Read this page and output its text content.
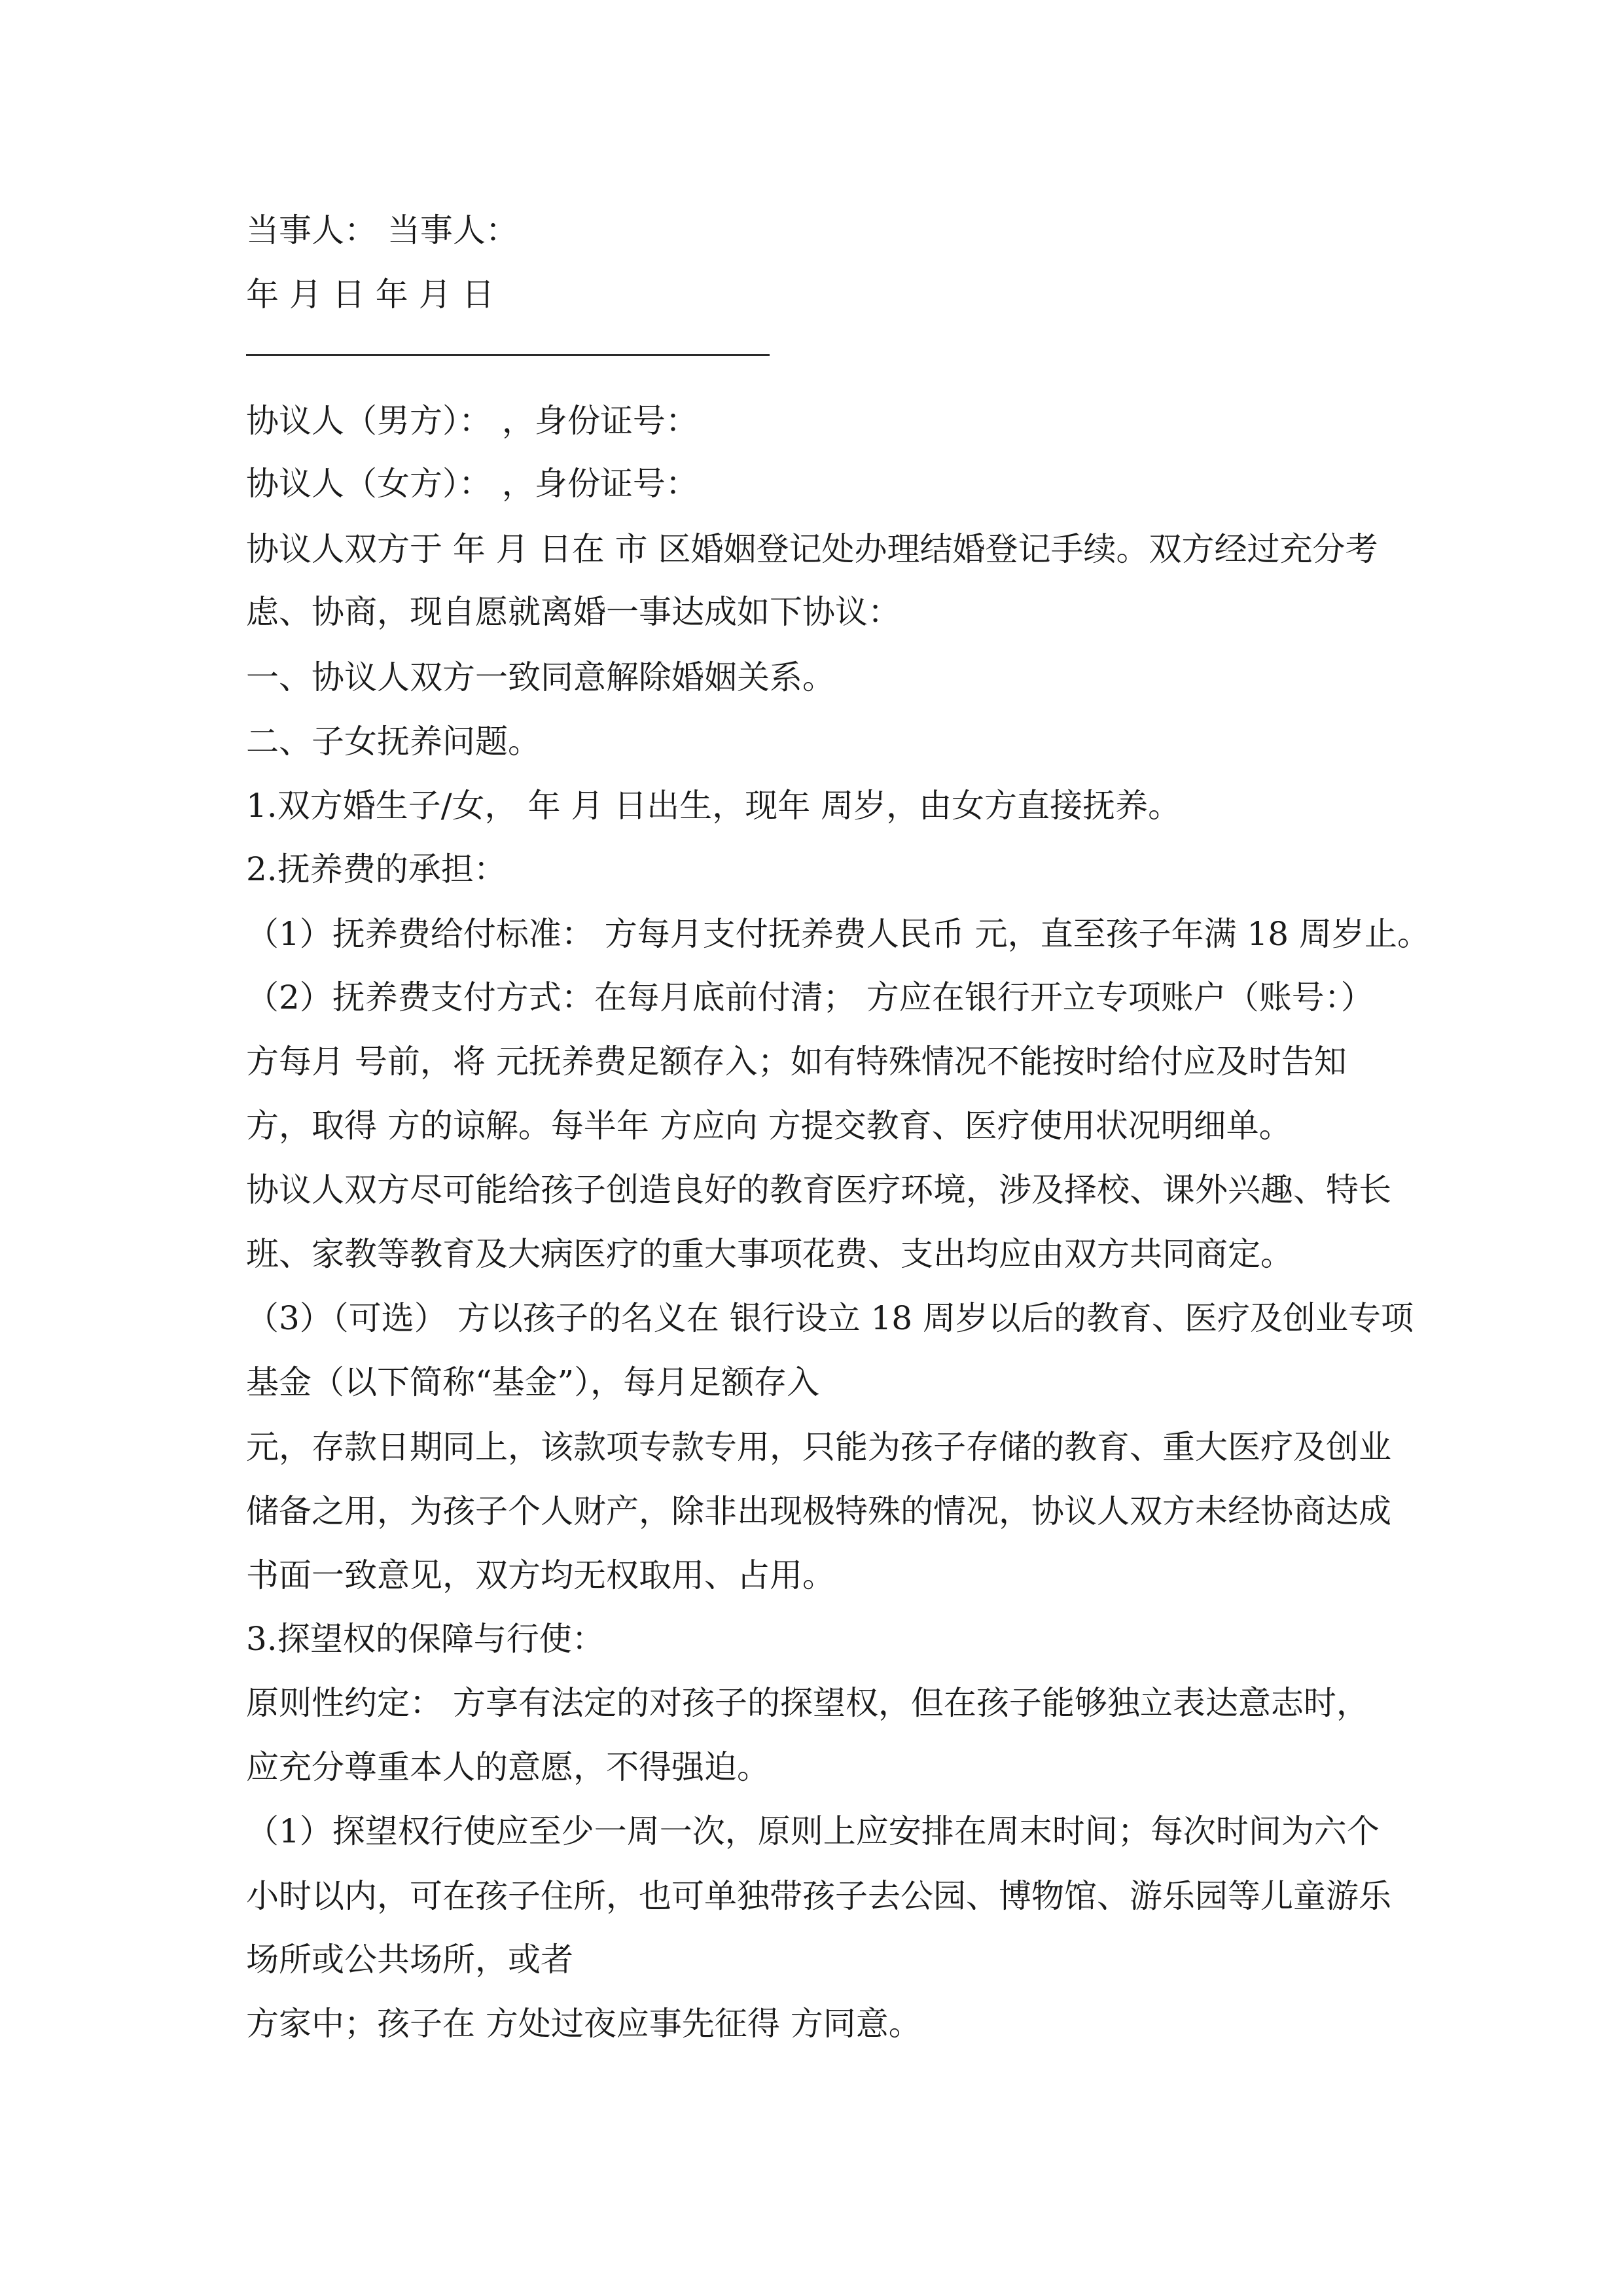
当事人： 当事人：
年 月 日 年 月 日
协议人（男方）： ，身份证号：
协议人（女方）： ，身份证号：
协议人双方于 年 月 日在 市 区婚姻登记处办理结婚登记手续。双方经过充分考
虑、协商，现自愿就离婚一事达成如下协议：
一、协议人双方一致同意解除婚姻关系。
二、子女抚养问题。
1.双方婚生子/女， 年 月 日出生，现年 周岁，由女方直接抚养。
2.抚养费的承担：
（1）抚养费给付标准： 方每月支付抚养费人民币 元，直至孩子年满 18 周岁止。
（2）抚养费支付方式：在每月底前付清； 方应在银行开立专项账户（账号：）
方每月 号前，将 元抚养费足额存入；如有特殊情况不能按时给付应及时告知
方，取得 方的谅解。每半年 方应向 方提交教育、医疗使用状况明细单。
协议人双方尽可能给孩子创造良好的教育医疗环境，涉及择校、课外兴趣、特长
班、家教等教育及大病医疗的重大事项花费、支出均应由双方共同商定。
（3）（可选） 方以孩子的名义在 银行设立 18 周岁以后的教育、医疗及创业专项
基金（以下简称“基金”），每月足额存入
元，存款日期同上，该款项专款专用，只能为孩子存储的教育、重大医疗及创业
储备之用，为孩子个人财产，除非出现极特殊的情况，协议人双方未经协商达成
书面一致意见，双方均无权取用、占用。
3.探望权的保障与行使：
原则性约定： 方享有法定的对孩子的探望权，但在孩子能够独立表达意志时，
应充分尊重本人的意愿，不得强迫。
（1）探望权行使应至少一周一次，原则上应安排在周末时间；每次时间为六个
小时以内，可在孩子住所，也可单独带孩子去公园、博物馆、游乐园等儿童游乐
场所或公共场所，或者
方家中；孩子在 方处过夜应事先征得 方同意。
